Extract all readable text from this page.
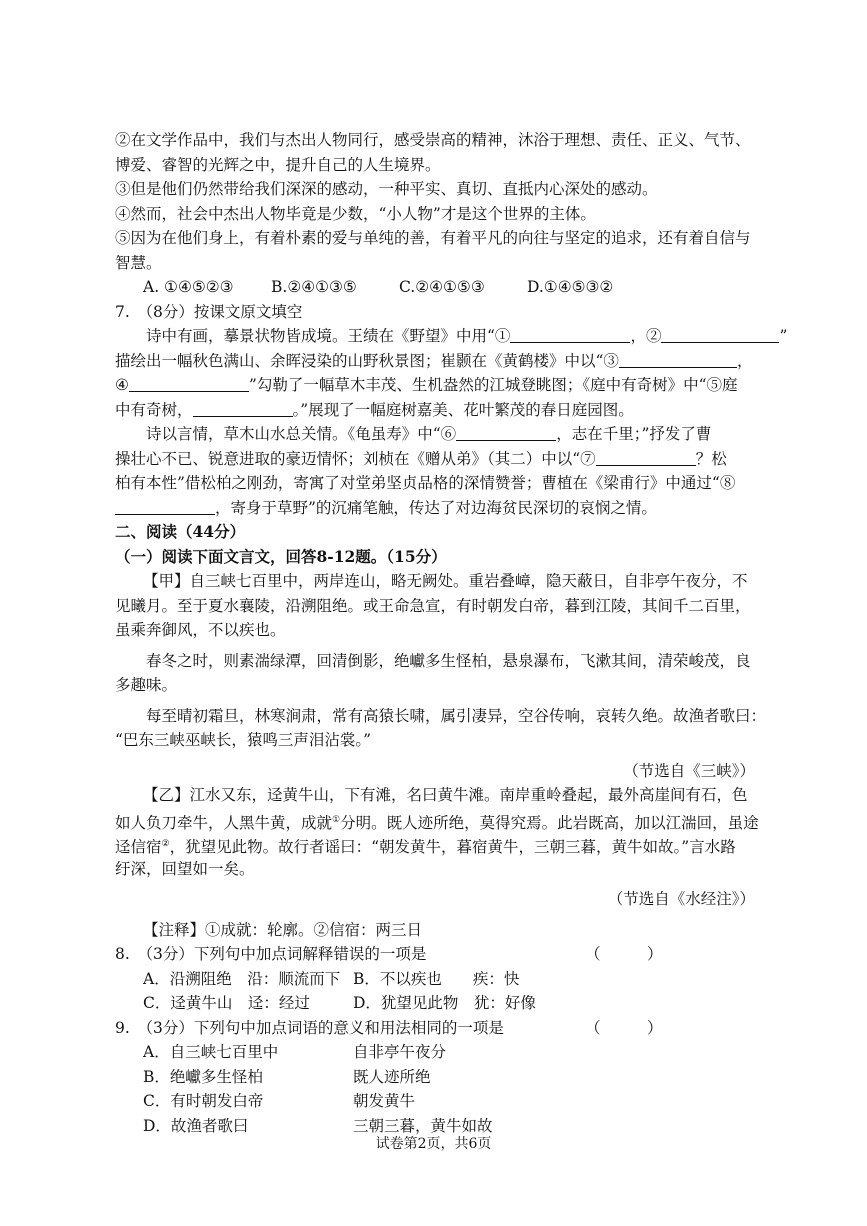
②在文学作品中，我们与杰出人物同行，感受崇高的精神，沐浴于理想、责任、正义、气节、
博爱、睿智的光辉之中，提升自己的人生境界。
③但是他们仍然带给我们深深的感动，一种平实、真切、直抵内心深处的感动。
④然而，社会中杰出人物毕竟是少数，“小人物”才是这个世界的主体。
⑤因为在他们身上，有着朴素的爱与单纯的善，有着平凡的向往与坚定的追求，还有着自信与
智慧。
A. ①④⑤②③ B.②④①③⑤	C.②④①⑤③	D.①④⑤③②
7.　（8分）按课文原文填空
诗中有画，摹景状物皆成境。王绩在《野望》中用“①	，②	”
描绘出一幅秋色满山、余晖浸染的山野秋景图；崔颢在《黄鹤楼》中以“③	，
④	”勾勒了一幅草木丰茂、生机盎然的江城登眺图；《庭中有奇树》中“⑤庭
中有奇树，	。”展现了一幅庭树嘉美、花叶繁茂的春日庭园图。
诗以言情，草木山水总关情。《龟虽寿》中“⑥	，志在千里；”抒发了曹
操壮心不已、锐意进取的豪迈情怀；刘桢在《赠从弟》（其二）中以“⑦	？松
柏有本性”借松柏之刚劲，寄寓了对堂弟坚贞品格的深情赞誉；曹植在《梁甫行》中通过“⑧
，寄身于草野”的沉痛笔触，传达了对边海贫民深切的哀悯之情。
二、阅读（44分）
（一）阅读下面文言文，回答8-12题。（15分）
【甲】自三峡七百里中，两岸连山，略无阙处。重岩叠嶂，隐天蔽日，自非亭午夜分，不
见曦月。至于夏水襄陵，沿溯阻绝。或王命急宣，有时朝发白帝，暮到江陵，其间千二百里，
虽乘奔御风，不以疾也。
春冬之时，则素湍绿潭，回清倒影，绝巘多生怪柏，悬泉瀑布，飞漱其间，清荣峻茂，良
多趣味。
每至晴初霜旦，林寒涧肃，常有高猿长啸，属引凄异，空谷传响，哀转久绝。故渔者歌曰：
“巴东三峡巫峡长，猿鸣三声泪沾裳。”
（节选自《三峡》）
【乙】江水又东，迳黄牛山，下有滩，名曰黄牛滩。南岸重岭叠起，最外高崖间有石，色
如人负刀牵牛，人黑牛黄，成就①分明。既人迹所绝，莫得究焉。此岩既高，加以江湍回，虽途
迳信宿②，犹望见此物。故行者谣曰：“朝发黄牛，暮宿黄牛，三朝三暮，黄牛如故。”言水路
纡深，回望如一矣。
（节选自《水经注》）
【注释】①成就：轮廓。②信宿：两三日
8.　（3分）下列句中加点词解释错误的一项是	（　　　）
A．沿溯阻绝　沿：顺流而下 B．不以疾也　　疾：快
C．迳黄牛山　迳：经过	D．犹望见此物　犹：好像
9.　（3分）下列句中加点词语的意义和用法相同的一项是	（　　　）
A．自三峡七百里中	自非亭午夜分
B．绝巘多生怪柏	既人迹所绝
C．有时朝发白帝	朝发黄牛
D．故渔者歌曰	三朝三暮，黄牛如故
试卷第2页，共6页
